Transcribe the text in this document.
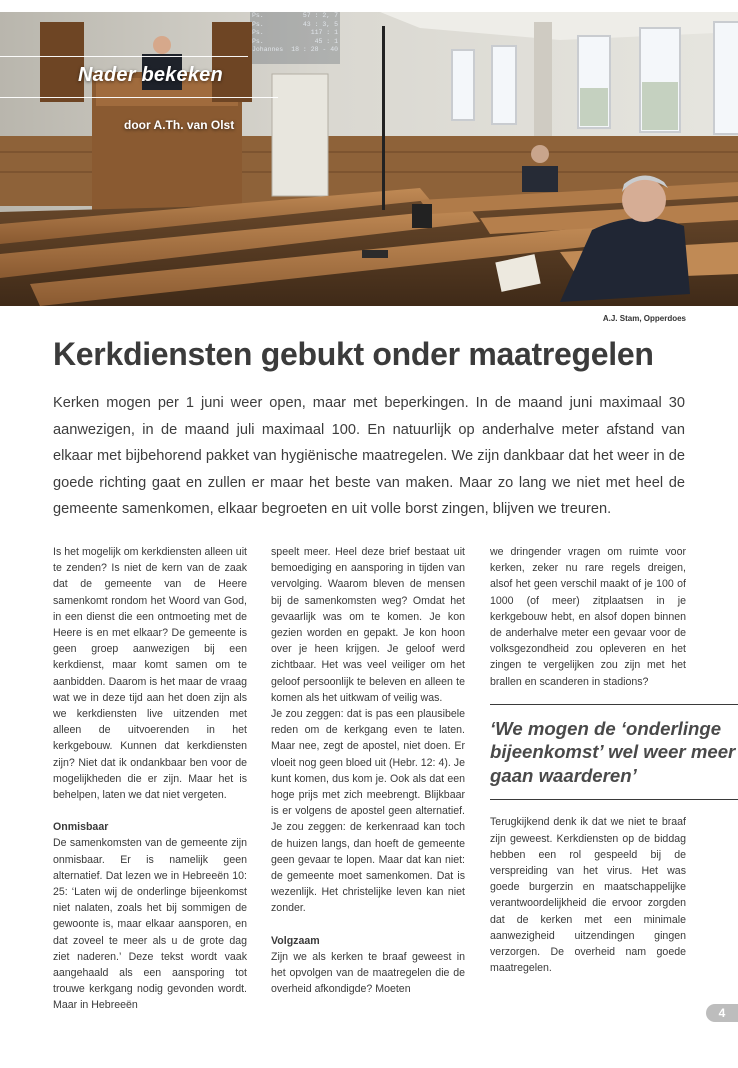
Nader bekeken
door A.Th. van Olst
Ps.	57 : 2, 7
Ps.	43 : 3, 5
Ps.	117 : 1
Ps.	45 : 1
Johannes 18 : 28 - 40
A.J. Stam, Opperdoes
Kerkdiensten gebukt onder maatregelen

Kerken mogen per 1 juni weer open, maar met beperkingen. In de maand juni maximaal 30 aanwezigen, in de maand juli maximaal 100. En natuurlijk op anderhalve meter afstand van elkaar met bijbehorend pakket van hygiënische maatregelen. We zijn dankbaar dat het weer in de goede richting gaat en zullen er maar het beste van maken. Maar zo lang we niet met heel de gemeente samenkomen, elkaar begroeten en uit volle borst zingen, blijven we treuren.

Is het mogelijk om kerkdiensten alleen uit te zenden? Is niet de kern van de zaak dat de gemeente van de Heere samenkomt rondom het Woord van God, in een dienst die een ontmoeting met de Heere is en met elkaar? De gemeente is geen groep aanwezigen bij een kerkdienst, maar komt samen om te aanbidden. Daarom is het maar de vraag wat we in deze tijd aan het doen zijn als we kerkdiensten live uitzenden met alleen de uitvoerenden in het kerkgebouw. Kunnen dat kerkdiensten zijn? Niet dat ik ondankbaar ben voor de mogelijkheden die er zijn. Maar het is behelpen, laten we dat niet vergeten.

Onmisbaar

De samenkomsten van de gemeente zijn onmisbaar. Er is namelijk geen alternatief. Dat lezen we in Hebreeën 10: 25: ‘Laten wij de onderlinge bijeenkomst niet nalaten, zoals het bij sommigen de gewoonte is, maar elkaar aansporen, en dat zoveel te meer als u de grote dag ziet naderen.’ Deze tekst wordt vaak aangehaald als een aansporing tot trouwe kerkgang nodig gevonden wordt. Maar in Hebreeën

speelt meer. Heel deze brief bestaat uit bemoediging en aansporing in tijden van vervolging. Waarom bleven de mensen bij de samenkomsten weg? Omdat het gevaarlijk was om te komen. Je kon gezien worden en gepakt. Je kon hoon over je heen krijgen. Je geloof werd zichtbaar. Het was veel veiliger om het geloof persoonlijk te beleven en alleen te komen als het uitkwam of veilig was.

Je zou zeggen: dat is pas een plausibele reden om de kerkgang even te laten. Maar nee, zegt de apostel, niet doen. Er vloeit nog geen bloed uit (Hebr. 12: 4). Je kunt komen, dus kom je. Ook als dat een hoge prijs met zich meebrengt. Blijkbaar is er volgens de apostel geen alternatief. Je zou zeggen: de kerkenraad kan toch de huizen langs, dan hoeft de gemeente geen gevaar te lopen. Maar dat kan niet: de gemeente moet samenkomen. Dat is wezenlijk. Het christelijke leven kan niet zonder.

Volgzaam

Zijn we als kerken te braaf geweest in het opvolgen van de maatregelen die de overheid afkondigde? Moeten

we dringender vragen om ruimte voor kerken, zeker nu rare regels dreigen, alsof het geen verschil maakt of je 100 of 1000 (of meer) zitplaatsen in je kerkgebouw hebt, en alsof dopen binnen de anderhalve meter een gevaar voor de volksgezondheid zou opleveren en het zingen te vergelijken zou zijn met het brallen en scanderen in stadions?

‘We mogen de ‘onderlinge bijeenkomst’ wel weer meer gaan waarderen’

Terugkijkend denk ik dat we niet te braaf zijn geweest. Kerkdiensten op de biddag hebben een rol gespeeld bij de verspreiding van het virus. Het was goede burgerzin en maatschappelijke verantwoordelijkheid die ervoor zorgden dat de kerken met een minimale aanwezigheid uitzendingen gingen verzorgen. De overheid nam goede maatregelen.

4
